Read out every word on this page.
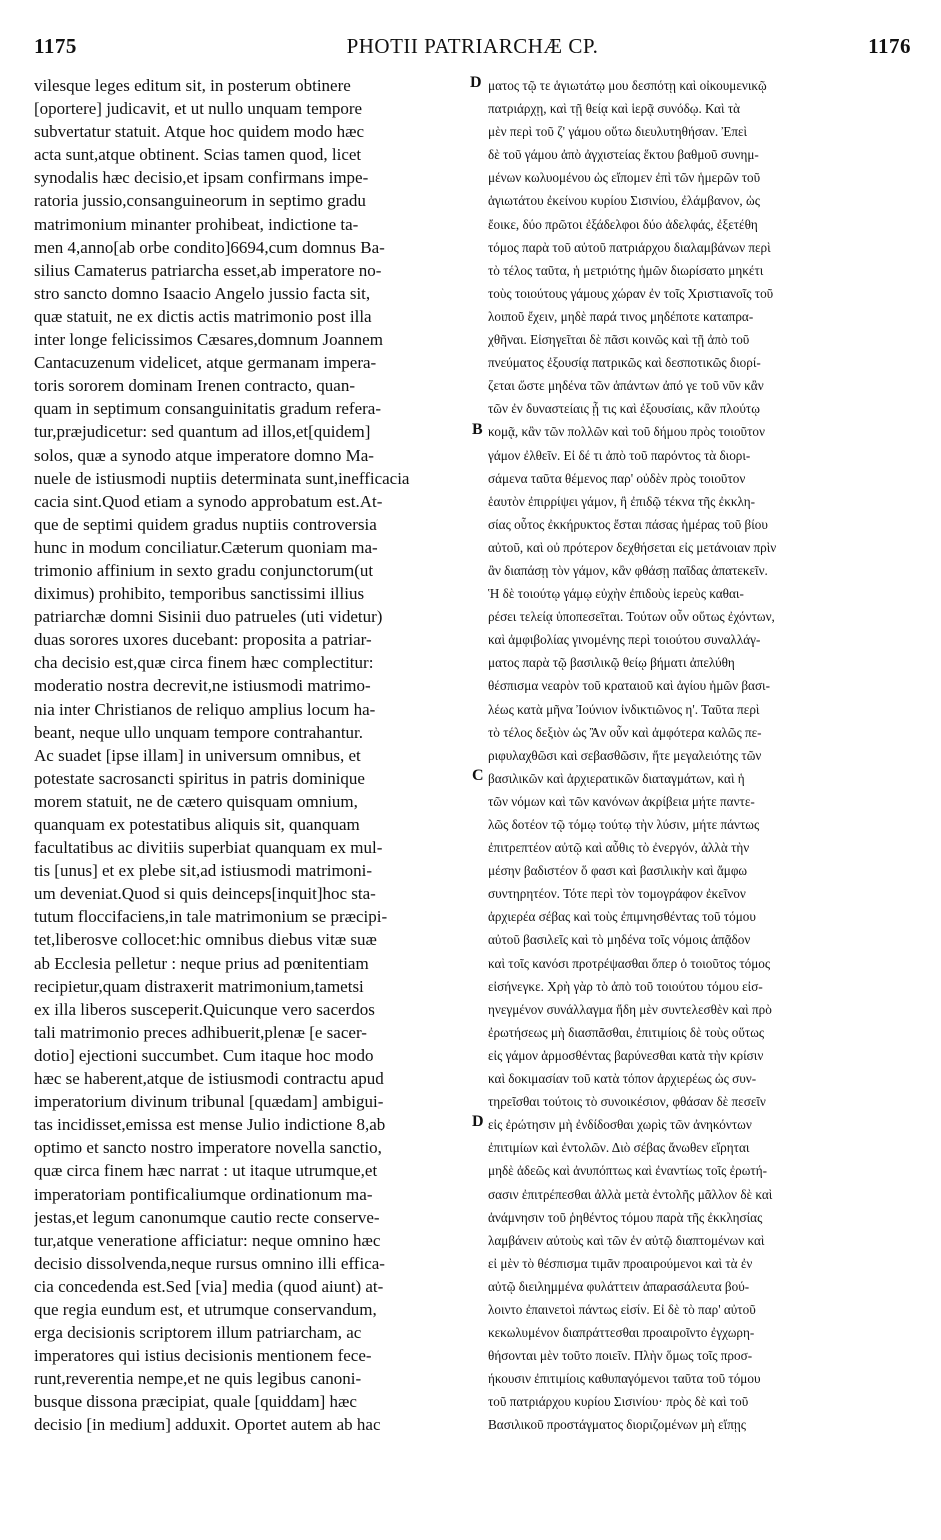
1175	PHOTII PATRIARCHÆ CP.	1176
vilesque leges editum sit, in posterum obtinere
[oportere] judicavit, et ut nullo unquam tempore
subvertatur statuit. Atque hoc quidem modo hæc
acta sunt,atque obtinent. Scias tamen quod, licet
synodalis hæc decisio,et ipsam confirmans impe-
ratoria jussio,consanguineorum in septimo gradu
matrimonium minanter prohibeat, indictione ta-
men 4,anno[ab orbe condito]6694,cum domnus Ba-
silius Camaterus patriarcha esset,ab imperatore no-
stro sancto domno Isaacio Angelo jussio facta sit,
quæ statuit, ne ex dictis actis matrimonio post illa
inter longe felicissimos Cæsares,domnum Joannem
Cantacuzenum videlicet, atque germanam impera-
toris sororem dominam Irenen contracto, quan-
quam in septimum consanguinitatis gradum refera-
tur,præjudicetur: sed quantum ad illos,et[quidem]
solos, quæ a synodo atque imperatore domno Ma-
nuele de istiusmodi nuptiis determinata sunt,inefficacia
cacia sint.Quod etiam a synodo approbatum est.At-
que de septimi quidem gradus nuptiis controversia
hunc in modum conciliatur.Cæterum quoniam ma-
trimonio affinium in sexto gradu conjunctorum(ut
diximus) prohibito, temporibus sanctissimi illius
patriarchæ domni Sisinii duo patrueles (uti videtur)
duas sorores uxores ducebant: proposita a patriar-
cha decisio est,quæ circa finem hæc complectitur:
moderatio nostra decrevit,ne istiusmodi matrimo-
nia inter Christianos de reliquo amplius locum ha-
beant, neque ullo unquam tempore contrahantur.
Ac suadet [ipse illam] in universum omnibus, et
potestate sacrosancti spiritus in patris dominique
morem statuit, ne de cætero quisquam omnium,
quanquam ex potestatibus aliquis sit, quanquam
facultatibus ac divitiis superbiat quanquam ex mul-
tis [unus] et ex plebe sit,ad istiusmodi matrimoni-
um deveniat.Quod si quis deinceps[inquit]hoc sta-
tutum floccifaciens,in tale matrimonium se præcipi-
tet,liberosve collocet:hic omnibus diebus vitæ suæ
ab Ecclesia pelletur : neque prius ad pœnitentiam
recipietur,quam distraxerit matrimonium,tametsi
ex illa liberos susceperit.Quicunque vero sacerdos
tali matrimonio preces adhibuerit,plenæ [e sacer-
dotio] ejectioni succumbet. Cum itaque hoc modo
hæc se haberent,atque de istiusmodi contractu apud
imperatorium divinum tribunal [quædam] ambigui-
tas incidisset,emissa est mense Julio indictione 8,ab
optimo et sancto nostro imperatore novella sanctio,
quæ circa finem hæc narrat : ut itaque utrumque,et
imperatoriam pontificaliumque ordinationum ma-
jestas,et legum canonumque cautio recte conserve-
tur,atque veneratione afficiatur: neque omnino hæc
decisio dissolvenda,neque rursus omnino illi effica-
cia concedenda est.Sed [via] media (quod aiunt) at-
que regia eundum est, et utrumque conservandum,
erga decisionis scriptorem illum patriarcham, ac
imperatores qui istius decisionis mentionem fece-
runt,reverentia nempe,et ne quis legibus canoni-
busque dissona præcipiat, quale [quiddam] hæc
decisio [in medium] adduxit. Oportet autem ab hac
ματος τῷ τε ἁγιωτάτῳ μου δεσπότῃ καὶ οἰκουμενικῷ
πατριάρχῃ, καὶ τῇ θείᾳ καὶ ἱερᾷ συνόδῳ. Καὶ τὰ
μὲν περὶ τοῦ ζ' γάμου οὕτω διευλυτηθήσαν. Ἐπεὶ
δὲ τοῦ γάμου ἀπὸ ἀγχιστείας ἕκτου βαθμοῦ συνημ-
μένων κωλυομένου ὡς εἴπομεν ἐπὶ τῶν ἡμερῶν τοῦ
ἁγιωτάτου ἐκείνου κυρίου Σισινίου, ἐλάμβανον, ὡς
ἔοικε, δύο πρῶτοι ἐξάδελφοι δύο ἀδελφάς, ἐξετέθη
τόμος παρὰ τοῦ αὐτοῦ πατριάρχου διαλαμβάνων περὶ
τὸ τέλος ταῦτα, ἡ μετριότης ἡμῶν διωρίσατο μηκέτι
τοὺς τοιούτους γάμους χώραν ἐν τοῖς Χριστιανοῖς τοῦ
λοιποῦ ἔχειν, μηδὲ παρά τινος μηδέποτε καταπρα-
χθῆναι. Εἰσηγεῖται δὲ πᾶσι κοινῶς καὶ τῇ ἀπὸ τοῦ
πνεύματος ἐξουσίᾳ πατρικῶς καὶ δεσποτικῶς διορί-
ζεται ὥστε μηδένα τῶν ἁπάντων ἀπό γε τοῦ νῦν κἂν
τῶν ἐν δυναστείαις ᾖ τις καὶ ἐξουσίαις, κἂν πλούτῳ
κομᾷ, κἂν τῶν πολλῶν καὶ τοῦ δήμου πρὸς τοιοῦτον
γάμον ἐλθεῖν. Εἰ δέ τι ἀπὸ τοῦ παρόντος τὰ διορι-
σάμενα ταῦτα θέμενος παρ' οὐδὲν πρὸς τοιοῦτον
ἑαυτὸν ἐπιρρίψει γάμον, ἢ ἐπιδῷ τέκνα τῆς ἐκκλη-
σίας οὗτος ἐκκήρυκτος ἔσται πάσας ἡμέρας τοῦ βίου
αὐτοῦ, καὶ οὐ πρότερον δεχθήσεται εἰς μετάνοιαν πρὶν
ἂν διαπάσῃ τὸν γάμον, κἂν φθάσῃ παῖδας ἀπατεκεῖν.
Ἡ δὲ τοιούτῳ γάμῳ εὐχὴν ἐπιδοὺς ἱερεὺς καθαι-
ρέσει τελείᾳ ὑποπεσεῖται. Τούτων οὖν οὕτως ἐχόντων,
καὶ ἀμφιβολίας γινομένης περὶ τοιούτου συναλλάγ-
ματος παρὰ τῷ βασιλικῷ θείῳ βήματι ἀπελύθη
θέσπισμα νεαρὸν τοῦ κραταιοῦ καὶ ἁγίου ἡμῶν βασι-
λέως κατὰ μῆνα Ἰούνιον ἰνδικτιῶνος η'. Ταῦτα περὶ
τὸ τέλος δεξιὸν ὡς Ἂν οὖν καὶ ἀμφότερα καλῶς πε-
ριφυλαχθῶσι καὶ σεβασθῶσιν, ἥτε μεγαλειότης τῶν
βασιλικῶν καὶ ἀρχιερατικῶν διαταγμάτων, καὶ ἡ
τῶν νόμων καὶ τῶν κανόνων ἀκρίβεια μήτε παντε-
λῶς δοτέον τῷ τόμῳ τούτῳ τὴν λύσιν, μήτε πάντως
ἐπιτρεπτέον αὐτῷ καὶ αὖθις τὸ ἐνεργόν, ἀλλὰ τὴν
μέσην βαδιστέον ὅ φασι καὶ βασιλικὴν καὶ ἄμφω
συντηρητέον. Τότε περὶ τὸν τομογράφον ἐκεῖνον
ἀρχιερέα σέβας καὶ τοὺς ἐπιμνησθέντας τοῦ τόμου
αὐτοῦ βασιλεῖς καὶ τὸ μηδένα τοῖς νόμοις ἀπᾷδον
καὶ τοῖς κανόσι προτρέψασθαι ὅπερ ὁ τοιοῦτος τόμος
εἰσήνεγκε. Χρὴ γὰρ τὸ ἀπὸ τοῦ τοιούτου τόμου εἰσ-
ηνεγμένον συνάλλαγμα ἤδη μὲν συντελεσθὲν καὶ πρὸ
ἐρωτήσεως μὴ διασπᾶσθαι, ἐπιτιμίοις δὲ τοὺς οὕτως
εἰς γάμον ἁρμοσθέντας βαρύνεσθαι κατὰ τὴν κρίσιν
καὶ δοκιμασίαν τοῦ κατὰ τόπον ἀρχιερέως ὡς συν-
τηρεῖσθαι τούτοις τὸ συνοικέσιον, φθάσαν δὲ πεσεῖν
εἰς ἐρώτησιν μὴ ἐνδίδοσθαι χωρὶς τῶν ἀνηκόντων
ἐπιτιμίων καὶ ἐντολῶν. Διὸ σέβας ἄνωθεν εἴρηται
μηδὲ ἀδεῶς καὶ ἀνυπόπτως καὶ ἐναντίως τοῖς ἐρωτή-
σασιν ἐπιτρέπεσθαι ἀλλὰ μετὰ ἐντολῆς μᾶλλον δὲ καὶ
ἀνάμνησιν τοῦ ῥηθέντος τόμου παρὰ τῆς ἐκκλησίας
λαμβάνειν αὐτοὺς καὶ τῶν ἐν αὐτῷ διαπτομένων καὶ
εἰ μὲν τὸ θέσπισμα τιμᾶν προαιρούμενοι καὶ τὰ ἐν
αὐτῷ διειλημμένα φυλάττειν ἀπαρασάλευτα βού-
λοιντο ἐπαινετοὶ πάντως εἰσίν. Εἰ δὲ τὸ παρ' αὐτοῦ
κεκωλυμένον διαπράττεσθαι προαιροῖντο ἐγχωρη-
θήσονται μὲν τοῦτο ποιεῖν. Πλὴν ὅμως τοῖς προσ-
ήκουσιν ἐπιτιμίοις καθυπαγόμενοι ταῦτα τοῦ τόμου
τοῦ πατριάρχου κυρίου Σισινίου· πρὸς δὲ καὶ τοῦ
Βασιλικοῦ προστάγματος διοριζομένων μὴ εἴπῃς
D
B
C
D
